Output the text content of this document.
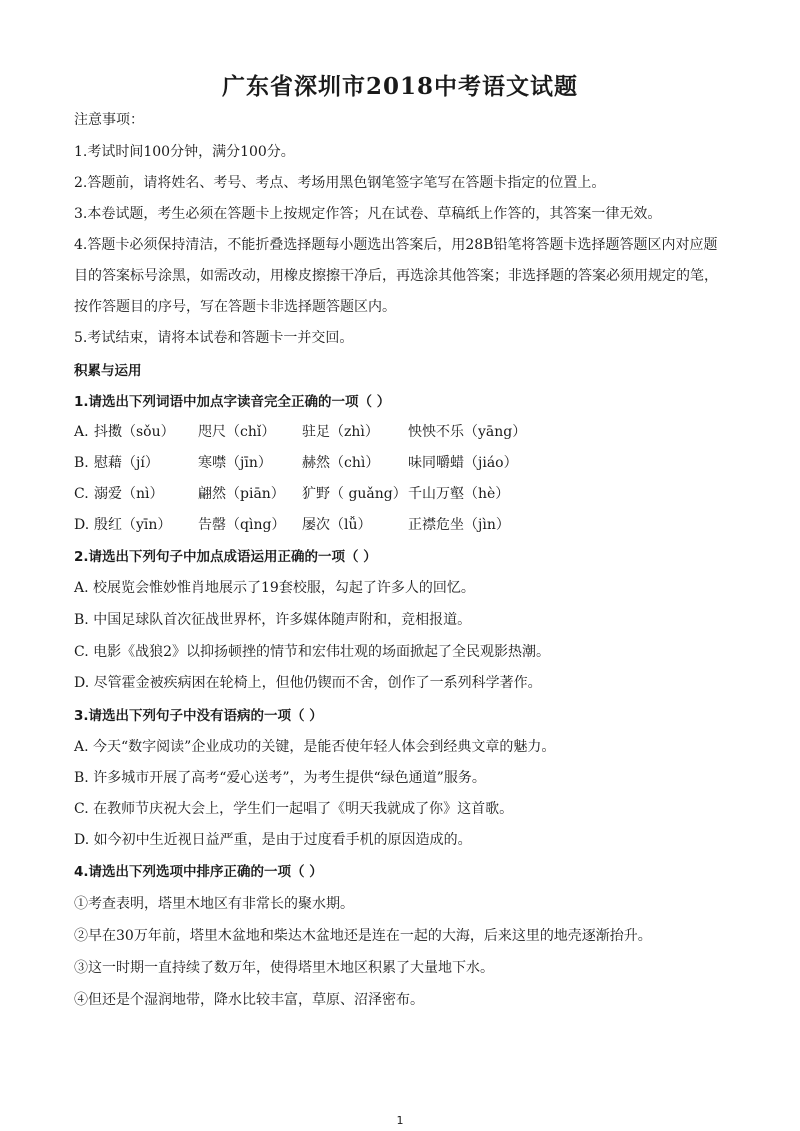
广东省深圳市2018中考语文试题
注意事项：
1.考试时间100分钟，满分100分。
2.答题前，请将姓名、考号、考点、考场用黑色钢笔签字笔写在答题卡指定的位置上。
3.本卷试题，考生必须在答题卡上按规定作答；凡在试卷、草稿纸上作答的，其答案一律无效。
4.答题卡必须保持清洁，不能折叠选择题每小题选出答案后，用28B铅笔将答题卡选择题答题区内对应题
目的答案标号涂黑，如需改动，用橡皮擦擦干净后，再选涂其他答案；非选择题的答案必须用规定的笔，
按作答题目的序号，写在答题卡非选择题答题区内。
5.考试结束，请将本试卷和答题卡一并交回。
积累与运用
1.请选出下列词语中加点字读音完全正确的一项（ ）
A. 抖擞（sǒu） 咫尺（chǐ） 驻足（zhì） 怏怏不乐（yāng）
B. 慰藉（jí）	寒噤（jīn） 赫然（chì） 味同嚼蜡（jiáo）
C. 溺爱（nì） 翩然（piān） 犷野（ guǎng） 千山万壑（hè）
D. 殷红（yīn） 告罄（qìng） 屡次（lǚ）	正襟危坐（jìn）
2.请选出下列句子中加点成语运用正确的一项（ ）
A. 校展览会惟妙惟肖地展示了19套校服，勾起了许多人的回忆。
B. 中国足球队首次征战世界杯，许多媒体随声附和，竞相报道。
C. 电影《战狼2》以抑扬顿挫的情节和宏伟壮观的场面掀起了全民观影热潮。
D. 尽管霍金被疾病困在轮椅上，但他仍锲而不舍，创作了一系列科学著作。
3.请选出下列句子中没有语病的一项（ ）
A. 今天“数字阅读”企业成功的关键，是能否使年轻人体会到经典文章的魅力。
B. 许多城市开展了高考“爱心送考”，为考生提供“绿色通道”服务。
C. 在教师节庆祝大会上，学生们一起唱了《明天我就成了你》这首歌。
D. 如今初中生近视日益严重，是由于过度看手机的原因造成的。
4.请选出下列选项中排序正确的一项（ ）
①考查表明，塔里木地区有非常长的聚水期。
②早在30万年前，塔里木盆地和柴达木盆地还是连在一起的大海，后来这里的地壳逐渐抬升。
③这一时期一直持续了数万年，使得塔里木地区积累了大量地下水。
④但还是个湿润地带，降水比较丰富，草原、沼泽密布。
1
